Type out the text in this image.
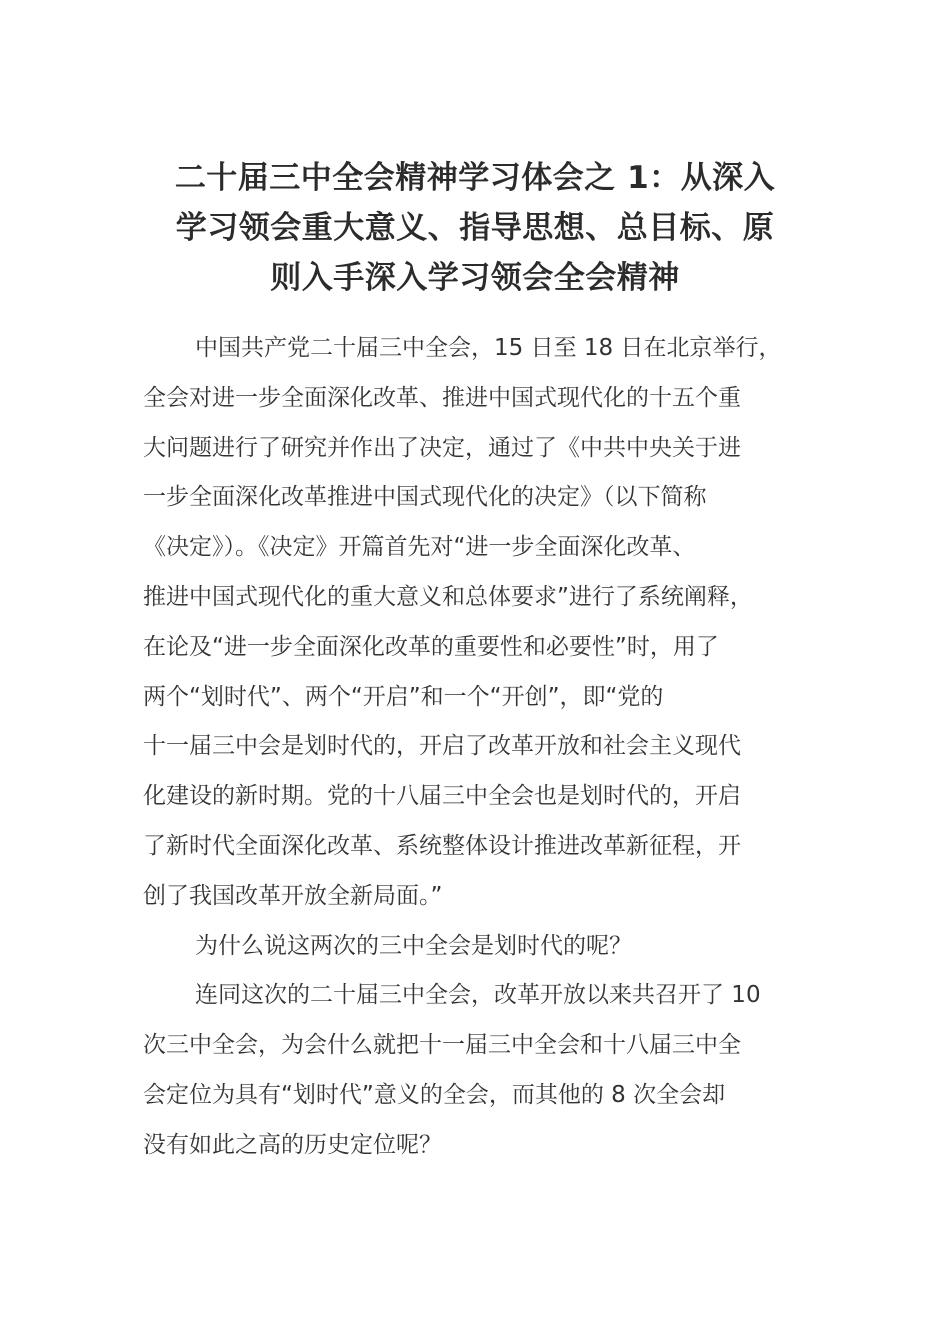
二十届三中全会精神学习体会之 1：从深入
学习领会重大意义、指导思想、总目标、原
则入手深入学习领会全会精神

中国共产党二十届三中全会，15 日至 18 日在北京举行，
全会对进一步全面深化改革、推进中国式现代化的十五个重
大问题进行了研究并作出了决定，通过了《中共中央关于进
一步全面深化改革推进中国式现代化的决定》（以下简称
《决定》）。《决定》开篇首先对“进一步全面深化改革、
推进中国式现代化的重大意义和总体要求”进行了系统阐释，
在论及“进一步全面深化改革的重要性和必要性”时，用了
两个“划时代”、两个“开启”和一个“开创”，即“党的
十一届三中会是划时代的，开启了改革开放和社会主义现代
化建设的新时期。党的十八届三中全会也是划时代的，开启
了新时代全面深化改革、系统整体设计推进改革新征程，开
创了我国改革开放全新局面。”

为什么说这两次的三中全会是划时代的呢？

连同这次的二十届三中全会，改革开放以来共召开了 10
次三中全会，为会什么就把十一届三中全会和十八届三中全
会定位为具有“划时代”意义的全会，而其他的 8 次全会却
没有如此之高的历史定位呢？
